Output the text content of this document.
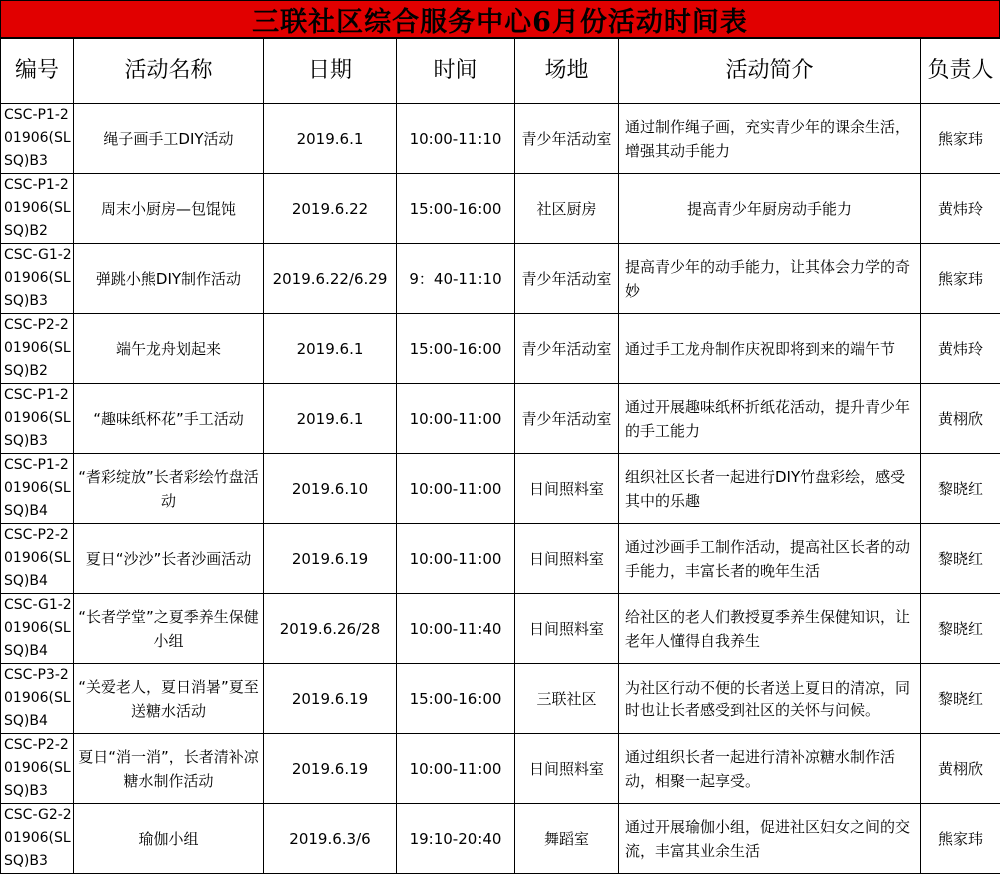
三联社区综合服务中心6月份活动时间表
编号	活动名称	日期	时间	场地	活动简介	负责人
CSC-P1-201906(SLSQ)B3	绳子画手工DIY活动	2019.6.1	10:00-11:10	青少年活动室	通过制作绳子画，充实青少年的课余生活，增强其动手能力	熊家玮
CSC-P1-201906(SLSQ)B2	周末小厨房—包馄饨	2019.6.22	15:00-16:00	社区厨房	提高青少年厨房动手能力	黄炜玲
CSC-G1-201906(SLSQ)B3	弹跳小熊DIY制作活动	2019.6.22/6.29	9：40-11:10	青少年活动室	提高青少年的动手能力，让其体会力学的奇妙	熊家玮
CSC-P2-201906(SLSQ)B2	端午龙舟划起来	2019.6.1	15:00-16:00	青少年活动室	通过手工龙舟制作庆祝即将到来的端午节	黄炜玲
CSC-P1-201906(SLSQ)B3	“趣味纸杯花”手工活动	2019.6.1	10:00-11:00	青少年活动室	通过开展趣味纸杯折纸花活动，提升青少年的手工能力	黄栩欣
CSC-P1-201906(SLSQ)B4	“耆彩绽放”长者彩绘竹盘活动	2019.6.10	10:00-11:00	日间照料室	组织社区长者一起进行DIY竹盘彩绘，感受其中的乐趣	黎晓红
CSC-P2-201906(SLSQ)B4	夏日“沙沙”长者沙画活动	2019.6.19	10:00-11:00	日间照料室	通过沙画手工制作活动，提高社区长者的动手能力，丰富长者的晚年生活	黎晓红
CSC-G1-201906(SLSQ)B4	“长者学堂”之夏季养生保健小组	2019.6.26/28	10:00-11:40	日间照料室	给社区的老人们教授夏季养生保健知识，让老年人懂得自我养生	黎晓红
CSC-P3-201906(SLSQ)B4	“关爱老人，夏日消暑”夏至送糖水活动	2019.6.19	15:00-16:00	三联社区	为社区行动不便的长者送上夏日的清凉，同时也让长者感受到社区的关怀与问候。	黎晓红
CSC-P2-201906(SLSQ)B3	夏日“消一消”，长者清补凉糖水制作活动	2019.6.19	10:00-11:00	日间照料室	通过组织长者一起进行清补凉糖水制作活动，相聚一起享受。	黄栩欣
CSC-G2-201906(SLSQ)B3	瑜伽小组	2019.6.3/6	19:10-20:40	舞蹈室	通过开展瑜伽小组，促进社区妇女之间的交流，丰富其业余生活	熊家玮
